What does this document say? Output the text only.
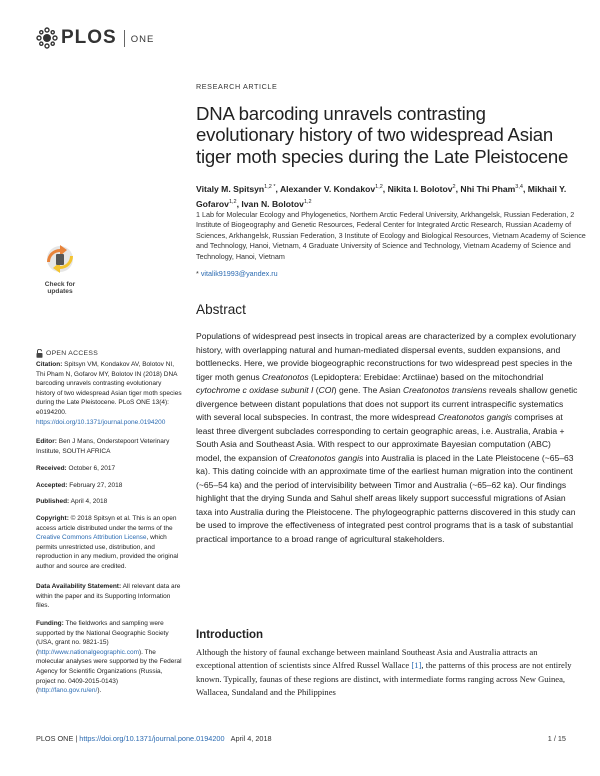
PLOS ONE
RESEARCH ARTICLE
DNA barcoding unravels contrasting evolutionary history of two widespread Asian tiger moth species during the Late Pleistocene
Vitaly M. Spitsyn$^{1,2 *}$, Alexander V. Kondakov$^{1,2}$, Nikita I. Bolotov$^2$, Nhi Thi Pham$^{3,4}$, Mikhail Y. Gofarov$^{1,2}$, Ivan N. Bolotov$^{1,2}$
1 Lab for Molecular Ecology and Phylogenetics, Northern Arctic Federal University, Arkhangelsk, Russian Federation, 2 Institute of Biogeography and Genetic Resources, Federal Center for Integrated Arctic Research, Russian Academy of Sciences, Arkhangelsk, Russian Federation, 3 Institute of Ecology and Biological Resources, Vietnam Academy of Science and Technology, Hanoi, Vietnam, 4 Graduate University of Science and Technology, Vietnam Academy of Science and Technology, Hanoi, Vietnam
* vitalik91993@yandex.ru
Abstract
Populations of widespread pest insects in tropical areas are characterized by a complex evolutionary history, with overlapping natural and human-mediated dispersal events, sudden expansions, and bottlenecks. Here, we provide biogeographic reconstructions for two widespread pest species in the tiger moth genus Creatonotos (Lepidoptera: Erebidae: Arctiinae) based on the mitochondrial cytochrome c oxidase subunit I (COI) gene. The Asian Creatonotos transiens reveals shallow genetic divergence between distant populations that does not support its current intraspecific systematics with several local subspecies. In contrast, the more widespread Creatonotos gangis comprises at least three divergent subclades corresponding to certain geographic areas, i.e. Australia, Arabia + South Asia and Southeast Asia. With respect to our approximate Bayesian computation (ABC) model, the expansion of Creatonotos gangis into Australia is placed in the Late Pleistocene (~65–63 ka). This dating coincide with an approximate time of the earliest human migration into the continent (~65–54 ka) and the period of intervisibility between Timor and Australia (~65–62 ka). Our findings highlight that the drying Sunda and Sahul shelf areas likely support successful migrations of Asian taxa into Australia during the Pleistocene. The phylogeographic patterns discovered in this study can be used to improve the effectiveness of integrated pest control programs that is a task of substantial practical importance to a broad range of agricultural stakeholders.
Introduction
Although the history of faunal exchange between mainland Southeast Asia and Australia attracts an exceptional attention of scientists since Alfred Russel Wallace [1], the patterns of this process are not entirely known. Typically, faunas of these regions are distinct, with intermediate forms ranging across New Guinea, Wallacea, Sundaland and the Philippines
Check for
updates
OPEN ACCESS
Citation: Spitsyn VM, Kondakov AV, Bolotov NI, Thi Pham N, Gofarov MY, Bolotov IN (2018) DNA barcoding unravels contrasting evolutionary history of two widespread Asian tiger moth species during the Late Pleistocene. PLoS ONE 13(4): e0194200. https://doi.org/10.1371/journal.pone.0194200
Editor: Ben J Mans, Onderstepoort Veterinary Institute, SOUTH AFRICA
Received: October 6, 2017
Accepted: February 27, 2018
Published: April 4, 2018
Copyright: © 2018 Spitsyn et al. This is an open access article distributed under the terms of the Creative Commons Attribution License, which permits unrestricted use, distribution, and reproduction in any medium, provided the original author and source are credited.
Data Availability Statement: All relevant data are within the paper and its Supporting Information files.
Funding: The fieldworks and sampling were supported by the National Geographic Society (USA, grant no. 9821-15) (http://www.nationalgeographic.com). The molecular analyses were supported by the Federal Agency for Scientific Organizations (Russia, project no. 0409-2015-0143) (http://fano.gov.ru/en/).
PLOS ONE | https://doi.org/10.1371/journal.pone.0194200 April 4, 2018	1 / 15
